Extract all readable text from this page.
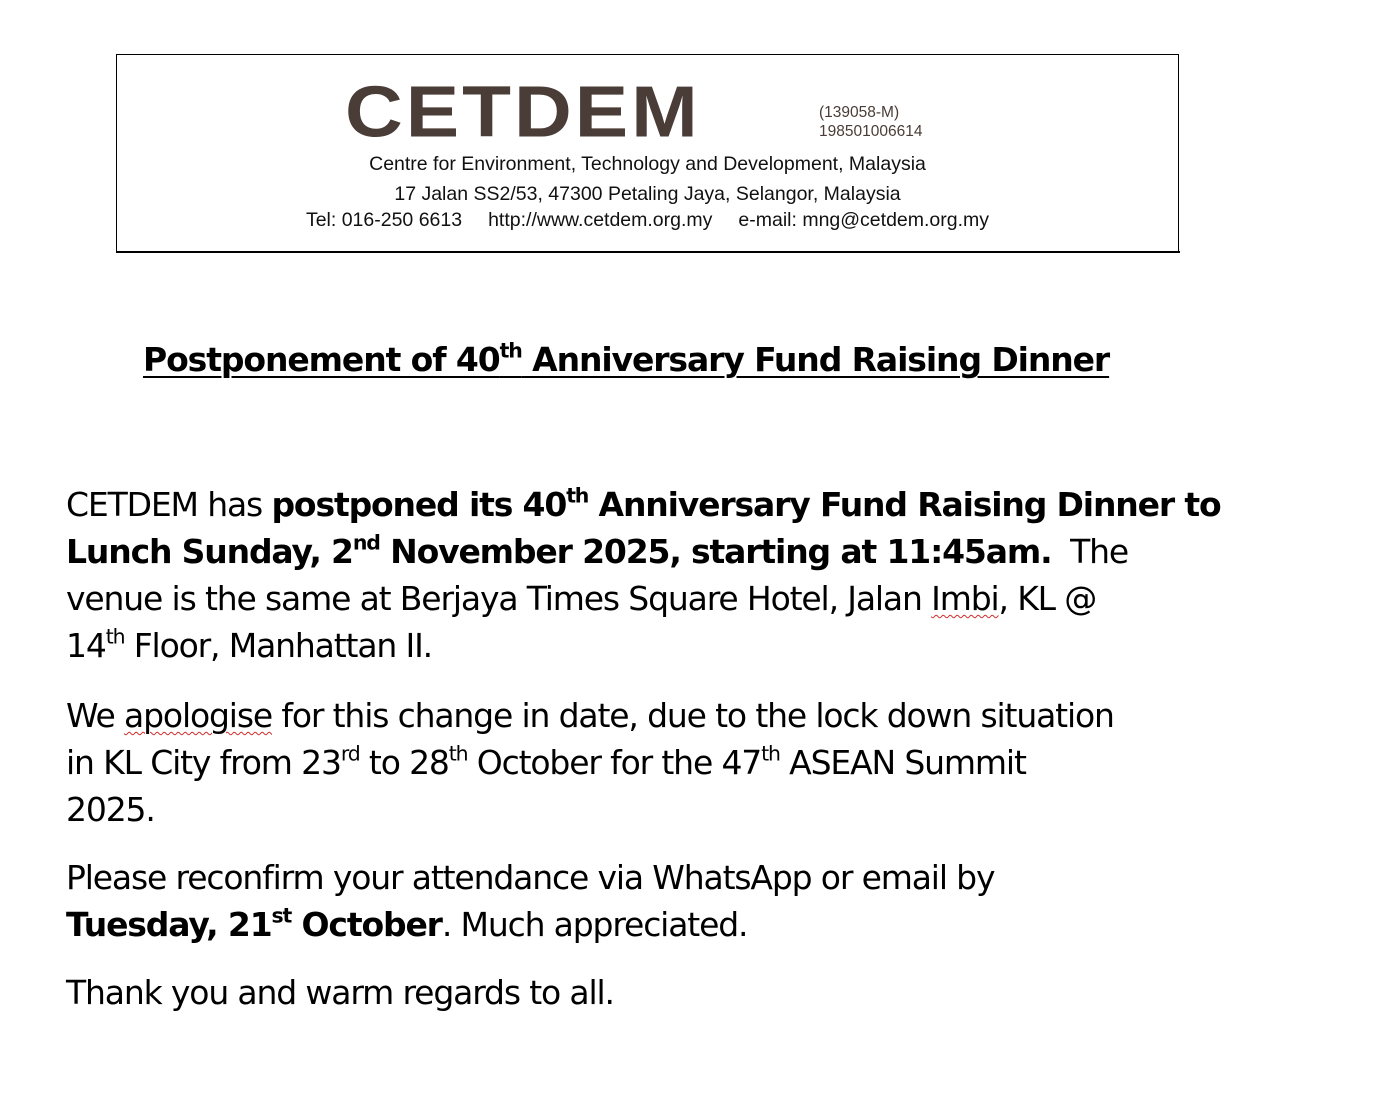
CETDEM	(139058-M)
198501006614
Centre for Environment, Technology and Development, Malaysia
17 Jalan SS2/53, 47300 Petaling Jaya, Selangor, Malaysia
Tel: 016-250 6613 http://www.cetdem.org.my e-mail: mng@cetdem.org.my
Postponement of 40th Anniversary Fund Raising Dinner
CETDEM has postponed its 40th Anniversary Fund Raising Dinner to
Lunch Sunday, 2nd November 2025, starting at 11:45am.  The
venue is the same at Berjaya Times Square Hotel, Jalan Imbi, KL @
14th Floor, Manhattan II.
We apologise for this change in date, due to the lock down situation
in KL City from 23rd to 28th October for the 47th ASEAN Summit
2025.
Please reconfirm your attendance via WhatsApp or email by
Tuesday, 21st October. Much appreciated.
Thank you and warm regards to all.
